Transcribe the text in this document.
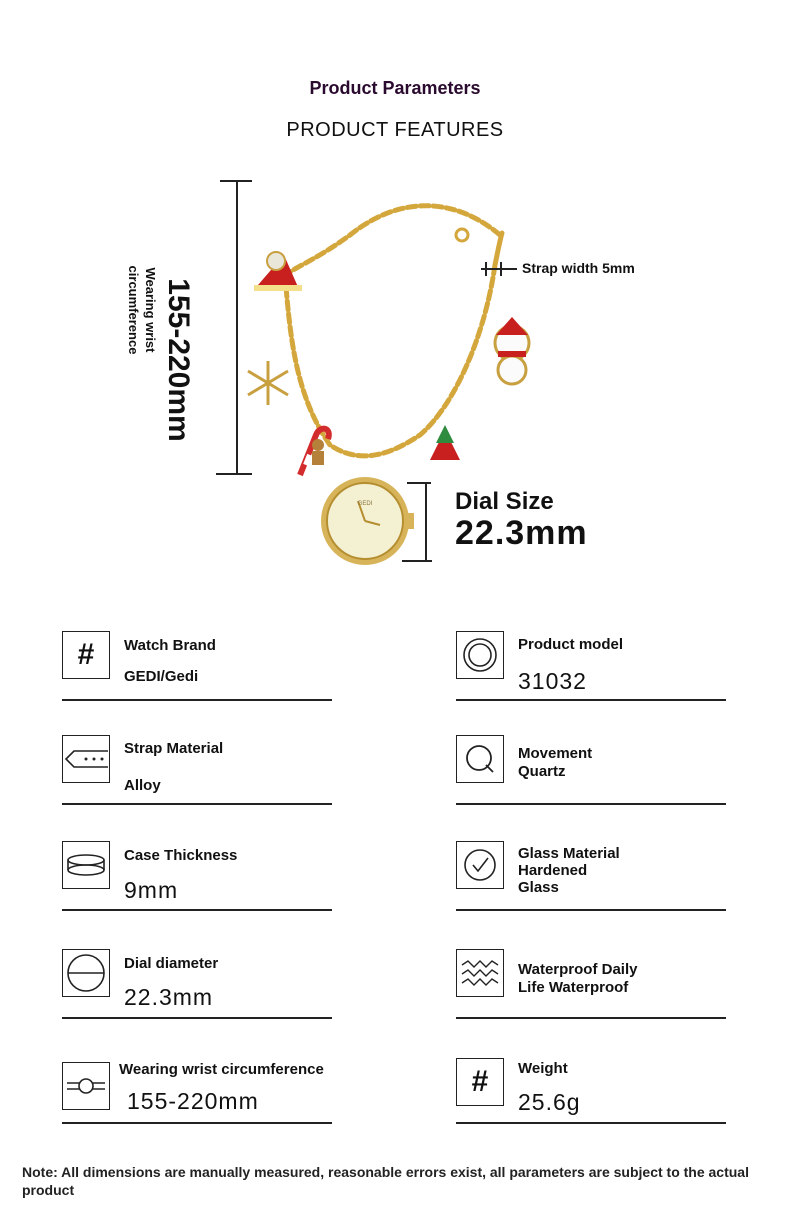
Product Parameters
PRODUCT FEATURES
155-220mm
Wearing wrist circumference
GEDI
Strap width 5mm
Dial Size
22.3mm
# Watch Brand
GEDI/Gedi
Product model
31032
Strap Material
Alloy
Movement
Quartz
Case Thickness
9mm
Glass Material
Hardened Glass
Dial diameter
22.3mm
Waterproof Daily Life Waterproof
Wearing wrist circumference
155-220mm
# Weight
25.6g
Note: All dimensions are manually measured, reasonable errors exist, all parameters are subject to the actual product
